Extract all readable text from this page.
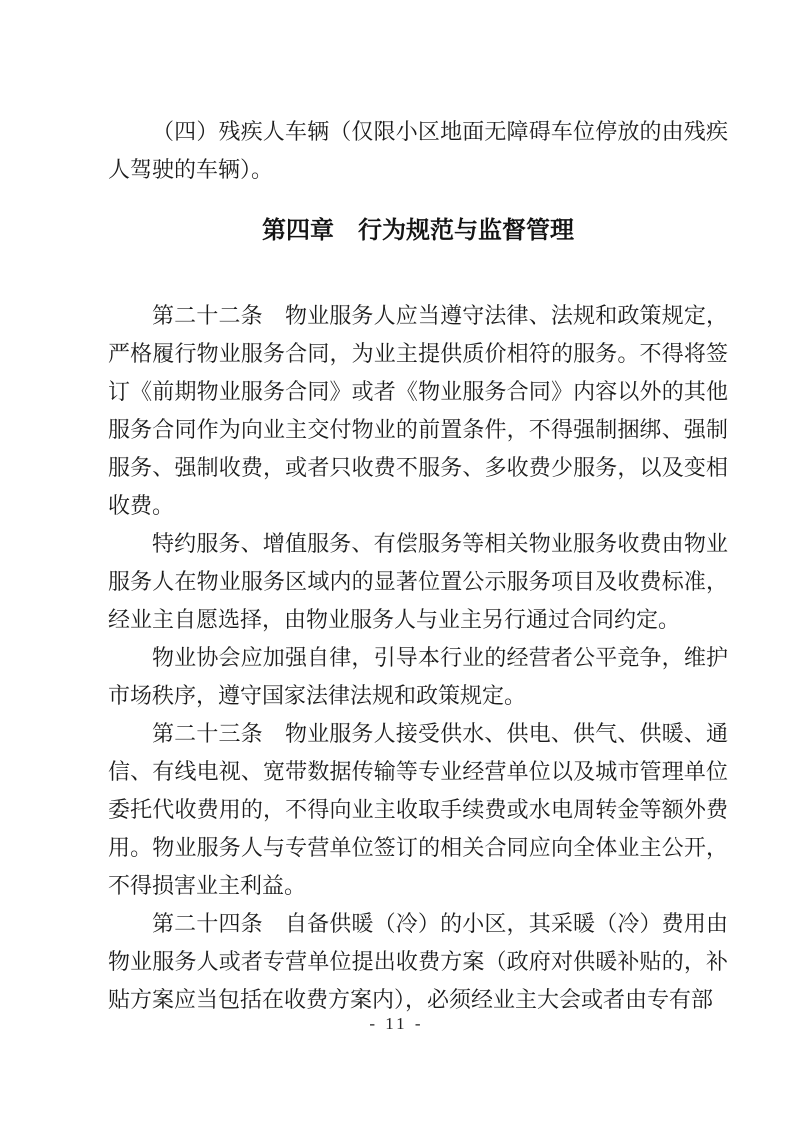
（四）残疾人车辆（仅限小区地面无障碍车位停放的由残疾人驾驶的车辆）。

第四章　行为规范与监督管理

第二十二条　物业服务人应当遵守法律、法规和政策规定，严格履行物业服务合同，为业主提供质价相符的服务。不得将签订《前期物业服务合同》或者《物业服务合同》内容以外的其他服务合同作为向业主交付物业的前置条件，不得强制捆绑、强制服务、强制收费，或者只收费不服务、多收费少服务，以及变相收费。

特约服务、增值服务、有偿服务等相关物业服务收费由物业服务人在物业服务区域内的显著位置公示服务项目及收费标准，经业主自愿选择，由物业服务人与业主另行通过合同约定。

物业协会应加强自律，引导本行业的经营者公平竞争，维护市场秩序，遵守国家法律法规和政策规定。

第二十三条　物业服务人接受供水、供电、供气、供暖、通信、有线电视、宽带数据传输等专业经营单位以及城市管理单位委托代收费用的，不得向业主收取手续费或水电周转金等额外费用。物业服务人与专营单位签订的相关合同应向全体业主公开，不得损害业主利益。

第二十四条　自备供暖（冷）的小区，其采暖（冷）费用由物业服务人或者专营单位提出收费方案（政府对供暖补贴的，补贴方案应当包括在收费方案内），必须经业主大会或者由专有部

- 11 -
